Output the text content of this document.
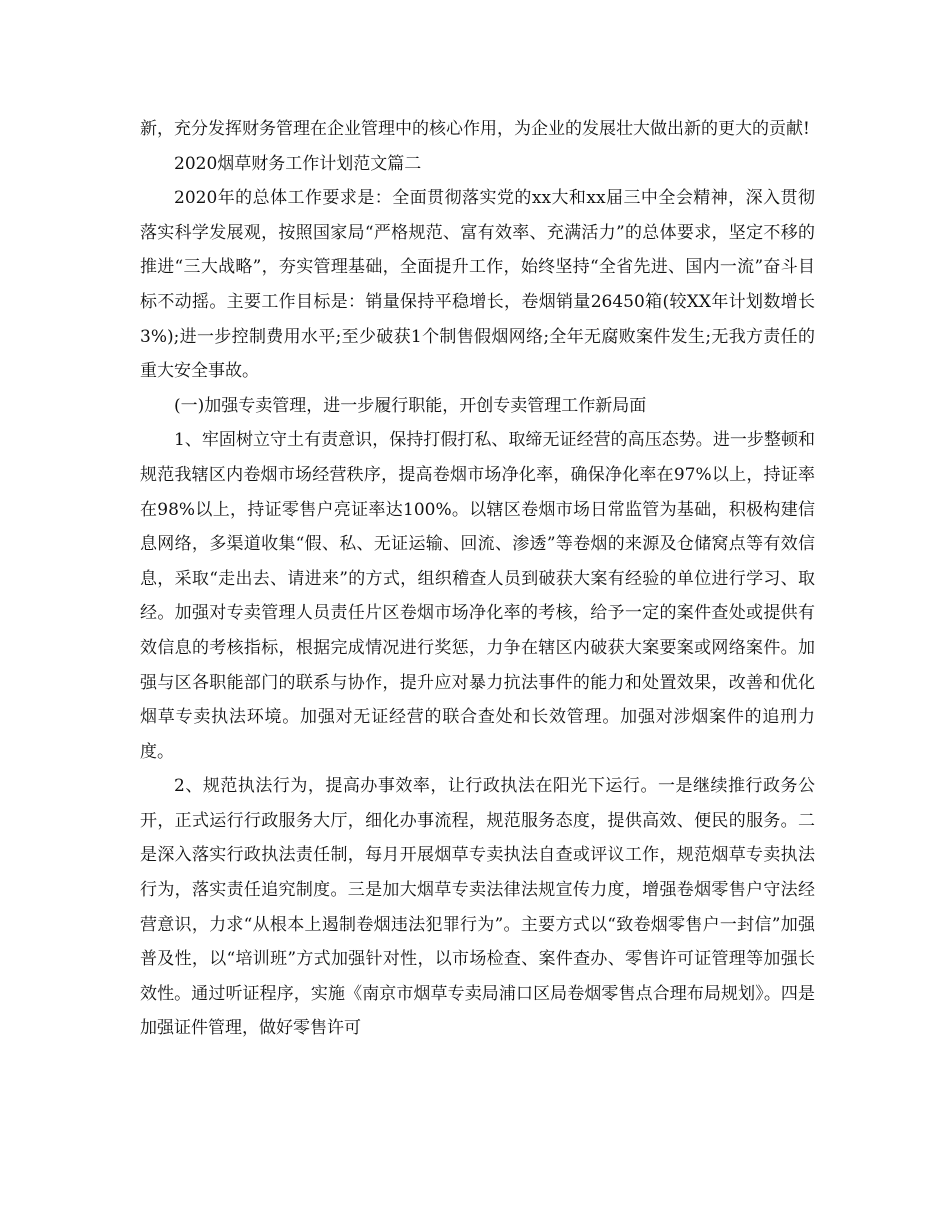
新，充分发挥财务管理在企业管理中的核心作用，为企业的发展壮大做出新的更大的贡献!

2020烟草财务工作计划范文篇二

2020年的总体工作要求是：全面贯彻落实党的xx大和xx届三中全会精神，深入贯彻落实科学发展观，按照国家局“严格规范、富有效率、充满活力”的总体要求，坚定不移的推进“三大战略”，夯实管理基础，全面提升工作，始终坚持“全省先进、国内一流”奋斗目标不动摇。主要工作目标是：销量保持平稳增长，卷烟销量26450箱(较XX年计划数增长3%);进一步控制费用水平;至少破获1个制售假烟网络;全年无腐败案件发生;无我方责任的重大安全事故。

(一)加强专卖管理，进一步履行职能，开创专卖管理工作新局面

1、牢固树立守土有责意识，保持打假打私、取缔无证经营的高压态势。进一步整顿和规范我辖区内卷烟市场经营秩序，提高卷烟市场净化率，确保净化率在97%以上，持证率在98%以上，持证零售户亮证率达100%。以辖区卷烟市场日常监管为基础，积极构建信息网络，多渠道收集“假、私、无证运输、回流、渗透”等卷烟的来源及仓储窝点等有效信息，采取“走出去、请进来”的方式，组织稽查人员到破获大案有经验的单位进行学习、取经。加强对专卖管理人员责任片区卷烟市场净化率的考核，给予一定的案件查处或提供有效信息的考核指标，根据完成情况进行奖惩，力争在辖区内破获大案要案或网络案件。加强与区各职能部门的联系与协作，提升应对暴力抗法事件的能力和处置效果，改善和优化烟草专卖执法环境。加强对无证经营的联合查处和长效管理。加强对涉烟案件的追刑力度。

2、规范执法行为，提高办事效率，让行政执法在阳光下运行。一是继续推行政务公开，正式运行行政服务大厅，细化办事流程，规范服务态度，提供高效、便民的服务。二是深入落实行政执法责任制，每月开展烟草专卖执法自查或评议工作，规范烟草专卖执法行为，落实责任追究制度。三是加大烟草专卖法律法规宣传力度，增强卷烟零售户守法经营意识，力求“从根本上遏制卷烟违法犯罪行为”。主要方式以“致卷烟零售户一封信”加强普及性，以“培训班”方式加强针对性，以市场检查、案件查办、零售许可证管理等加强长效性。通过听证程序，实施《南京市烟草专卖局浦口区局卷烟零售点合理布局规划》。四是加强证件管理，做好零售许可
